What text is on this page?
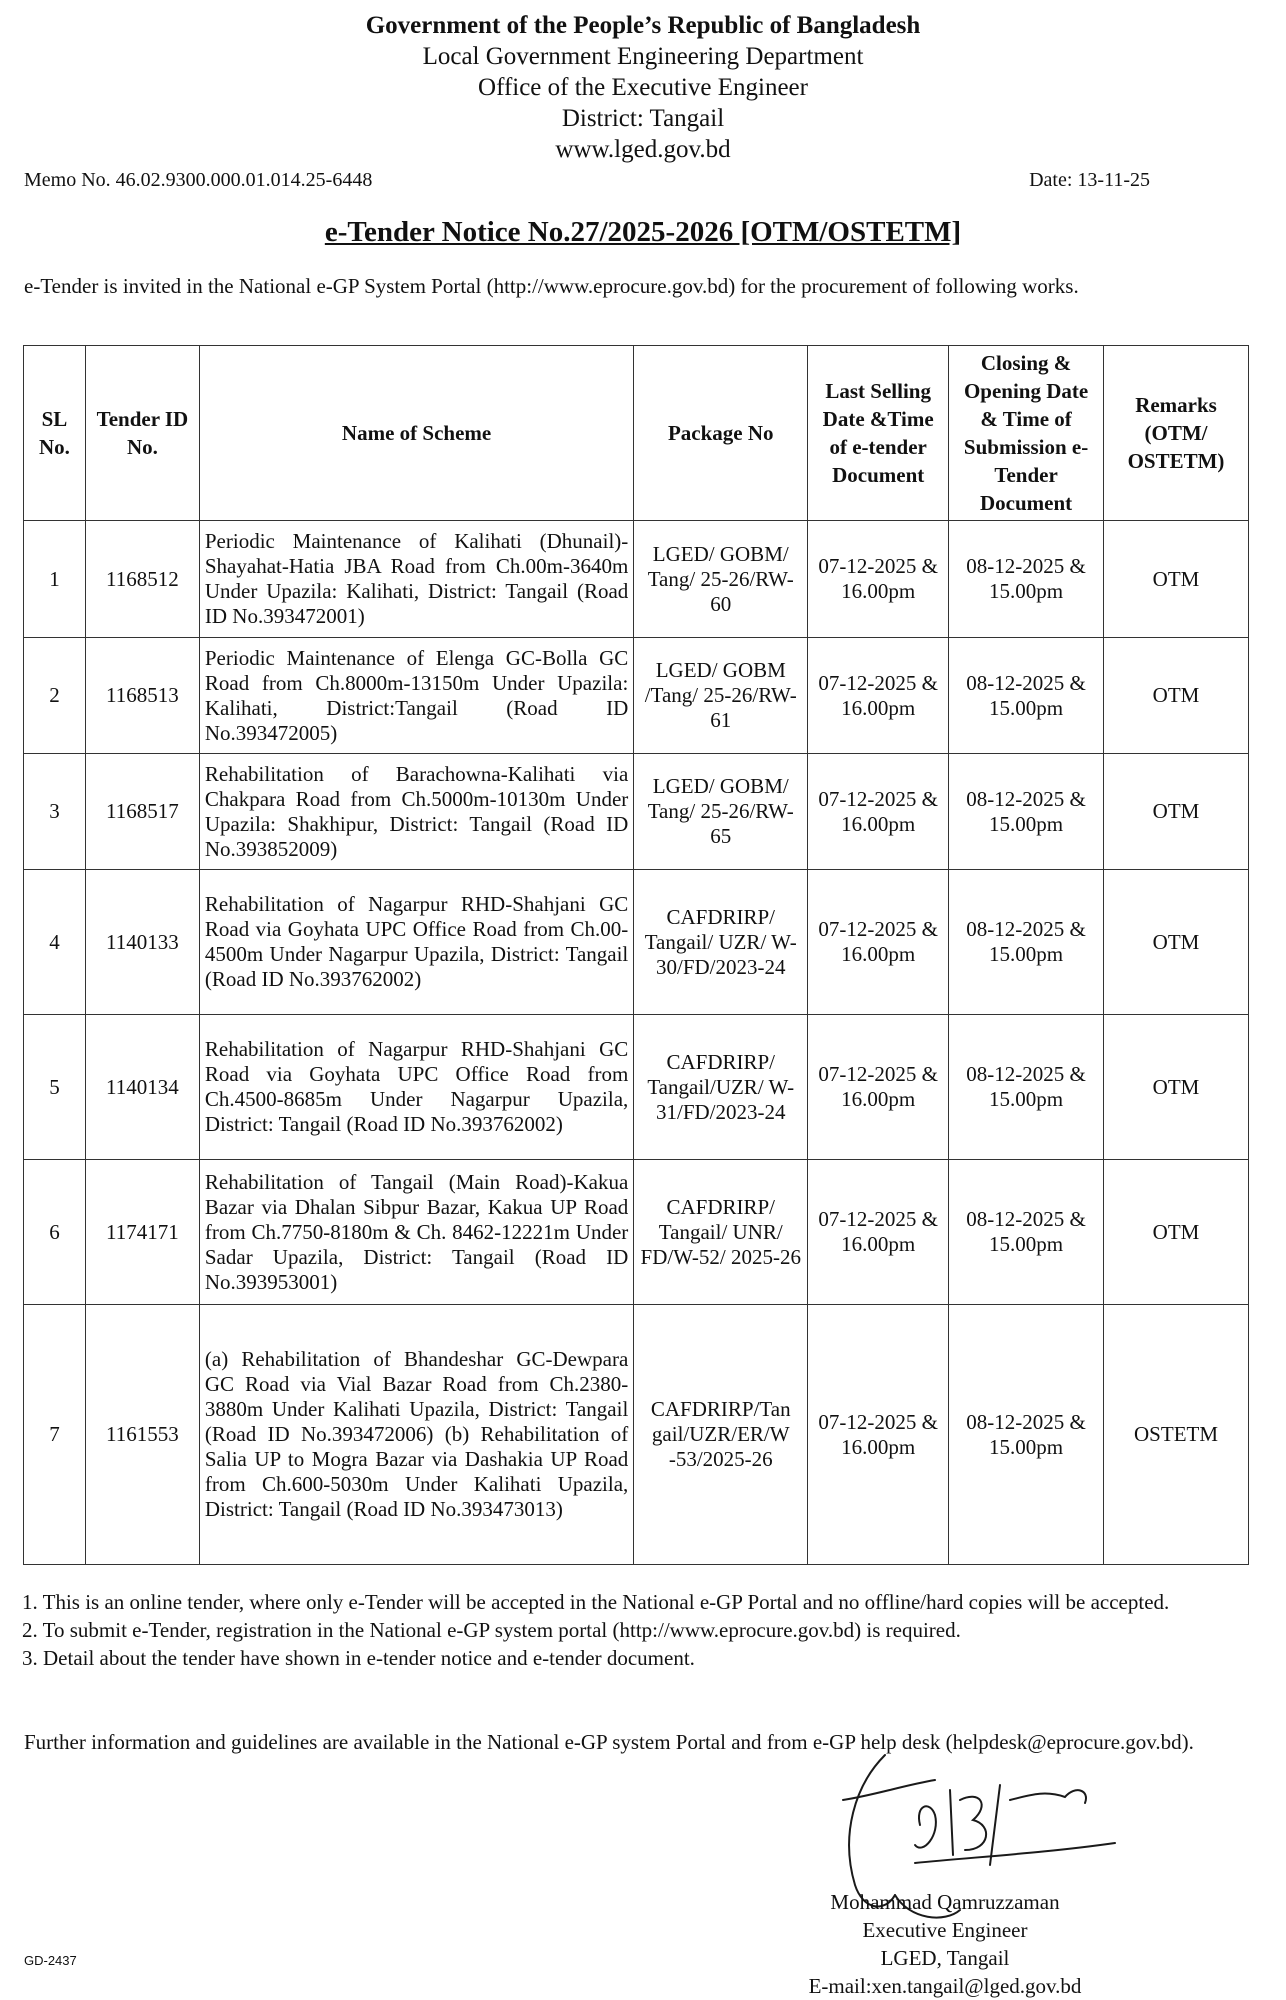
Government of the People’s Republic of Bangladesh
Local Government Engineering Department
Office of the Executive Engineer
District: Tangail
www.lged.gov.bd
Memo No. 46.02.9300.000.01.014.25-6448	Date: 13-11-25
e-Tender Notice No.27/2025-2026 [OTM/OSTETM]
e-Tender is invited in the National e-GP System Portal (http://www.eprocure.gov.bd) for the procurement of following works.
SL No.	Tender ID No.	Name of Scheme	Package No	Last Selling Date &Time of e-tender Document	Closing & Opening Date & Time of Submission e-Tender Document	Remarks (OTM/ OSTETM)
1	1168512	Periodic Maintenance of Kalihati (Dhunail)-Shayahat-Hatia JBA Road from Ch.00m-3640m Under Upazila: Kalihati, District: Tangail (Road ID No.393472001)	LGED/ GOBM/ Tang/ 25-26/RW-60	07-12-2025 & 16.00pm	08-12-2025 & 15.00pm	OTM
2	1168513	Periodic Maintenance of Elenga GC-Bolla GC Road from Ch.8000m-13150m Under Upazila: Kalihati, District:Tangail (Road ID No.393472005)	LGED/ GOBM /Tang/ 25-26/RW-61	07-12-2025 & 16.00pm	08-12-2025 & 15.00pm	OTM
3	1168517	Rehabilitation of Barachowna-Kalihati via Chakpara Road from Ch.5000m-10130m Under Upazila: Shakhipur, District: Tangail (Road ID No.393852009)	LGED/ GOBM/ Tang/ 25-26/RW-65	07-12-2025 & 16.00pm	08-12-2025 & 15.00pm	OTM
4	1140133	Rehabilitation of Nagarpur RHD-Shahjani GC Road via Goyhata UPC Office Road from Ch.00-4500m Under Nagarpur Upazila, District: Tangail (Road ID No.393762002)	CAFDRIRP/ Tangail/ UZR/ W-30/FD/2023-24	07-12-2025 & 16.00pm	08-12-2025 & 15.00pm	OTM
5	1140134	Rehabilitation of Nagarpur RHD-Shahjani GC Road via Goyhata UPC Office Road from Ch.4500-8685m Under Nagarpur Upazila, District: Tangail (Road ID No.393762002)	CAFDRIRP/ Tangail/UZR/ W-31/FD/2023-24	07-12-2025 & 16.00pm	08-12-2025 & 15.00pm	OTM
6	1174171	Rehabilitation of Tangail (Main Road)-Kakua Bazar via Dhalan Sibpur Bazar, Kakua UP Road from Ch.7750-8180m & Ch. 8462-12221m Under Sadar Upazila, District: Tangail (Road ID No.393953001)	CAFDRIRP/ Tangail/ UNR/ FD/W-52/ 2025-26	07-12-2025 & 16.00pm	08-12-2025 & 15.00pm	OTM
7	1161553	(a) Rehabilitation of Bhandeshar GC-Dewpara GC Road via Vial Bazar Road from Ch.2380-3880m Under Kalihati Upazila, District: Tangail (Road ID No.393472006) (b) Rehabilitation of Salia UP to Mogra Bazar via Dashakia UP Road from Ch.600-5030m Under Kalihati Upazila, District: Tangail (Road ID No.393473013)	CAFDRIRP/Tan gail/UZR/ER/W -53/2025-26	07-12-2025 & 16.00pm	08-12-2025 & 15.00pm	OSTETM
1. This is an online tender, where only e-Tender will be accepted in the National e-GP Portal and no offline/hard copies will be accepted.
2. To submit e-Tender, registration in the National e-GP system portal (http://www.eprocure.gov.bd) is required.
3. Detail about the tender have shown in e-tender notice and e-tender document.
Further information and guidelines are available in the National e-GP system Portal and from e-GP help desk (helpdesk@eprocure.gov.bd).
Mohammad Qamruzzaman
Executive Engineer
LGED, Tangail
E-mail:xen.tangail@lged.gov.bd
GD-2437
